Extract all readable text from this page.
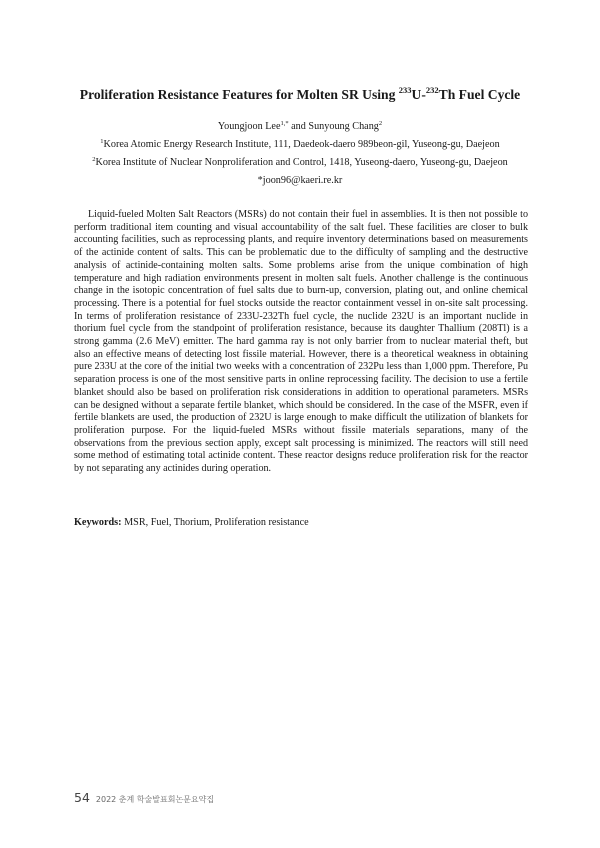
Proliferation Resistance Features for Molten SR Using $^{233}$U-$^{232}$Th Fuel Cycle
Youngjoon Lee$^{1,*}$ and Sunyoung Chang$^2$
$^1$Korea Atomic Energy Research Institute, 111, Daedeok-daero 989beon-gil, Yuseong-gu, Daejeon
$^2$Korea Institute of Nuclear Nonproliferation and Control, 1418, Yuseong-daero, Yuseong-gu, Daejeon
*joon96@kaeri.re.kr

Liquid-fueled Molten Salt Reactors (MSRs) do not contain their fuel in assemblies. It is then not possible to perform traditional item counting and visual accountability of the salt fuel. These facilities are closer to bulk accounting facilities, such as reprocessing plants, and require inventory determinations based on measurements of the actinide content of salts. This can be problematic due to the difficulty of sampling and the destructive analysis of actinide-containing molten salts. Some problems arise from the unique combination of high temperature and high radiation environments present in molten salt fuels. Another challenge is the continuous change in the isotopic concentration of fuel salts due to burn-up, conversion, plating out, and online chemical processing. There is a potential for fuel stocks outside the reactor containment vessel in on-site salt processing. In terms of proliferation resistance of 233U-232Th fuel cycle, the nuclide 232U is an important nuclide in thorium fuel cycle from the standpoint of proliferation resistance, because its daughter Thallium (208Tl) is a strong gamma (2.6 MeV) emitter. The hard gamma ray is not only barrier from to nuclear material theft, but also an effective means of detecting lost fissile material. However, there is a theoretical weakness in obtaining pure 233U at the core of the initial two weeks with a concentration of 232Pu less than 1,000 ppm. Therefore, Pu separation process is one of the most sensitive parts in online reprocessing facility. The decision to use a fertile blanket should also be based on proliferation risk considerations in addition to operational parameters. MSRs can be designed without a separate fertile blanket, which should be considered. In the case of the MSFR, even if fertile blankets are used, the production of 232U is large enough to make difficult the utilization of blankets for proliferation purpose. For the liquid-fueled MSRs without fissile materials separations, many of the observations from the previous section apply, except salt processing is minimized. The reactors will still need some method of estimating total actinide content. These reactor designs reduce proliferation risk for the reactor by not separating any actinides during operation.

Keywords: MSR, Fuel, Thorium, Proliferation resistance
54 2022 춘계 학술발표회논문요약집
